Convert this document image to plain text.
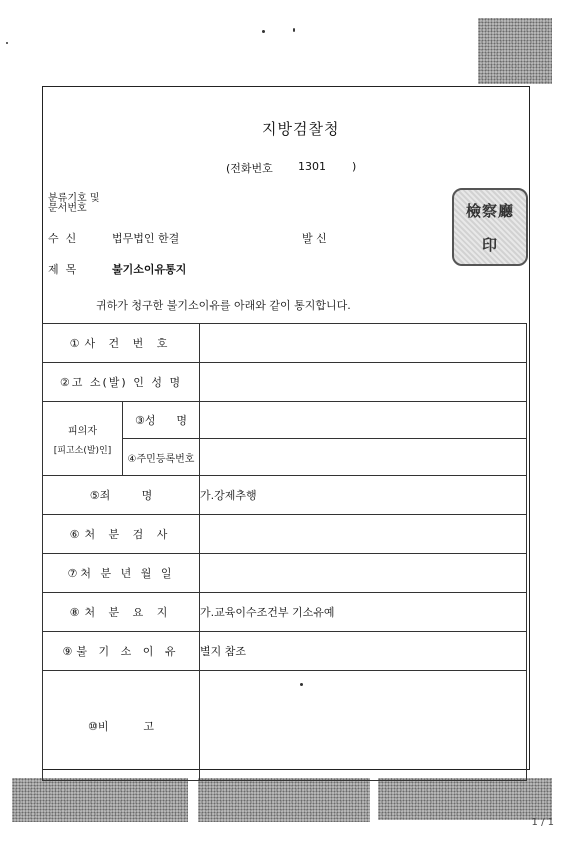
지방검찰청
(전화번호 1301 )
분류기호 및
문서번호
수  신	법무법인 한결	발 신
제  목	불기소이유통지
檢察廳
印
귀하가 청구한 불기소이유를 아래와 같이 통지합니다.
①사 건 번 호		
②고 소(발) 인 성 명		

피의자
[피고소(발)인]	③성      명	
	④주민등록번호	
⑤죄         명		가.강제추행
⑥처 분 검 사		
⑦처 분 년 월 일		
⑧처 분 요 지		가.교육이수조건부 기소유예
⑨불 기 소 이 유		별지 참조
⑩비          고		
1 / 1
